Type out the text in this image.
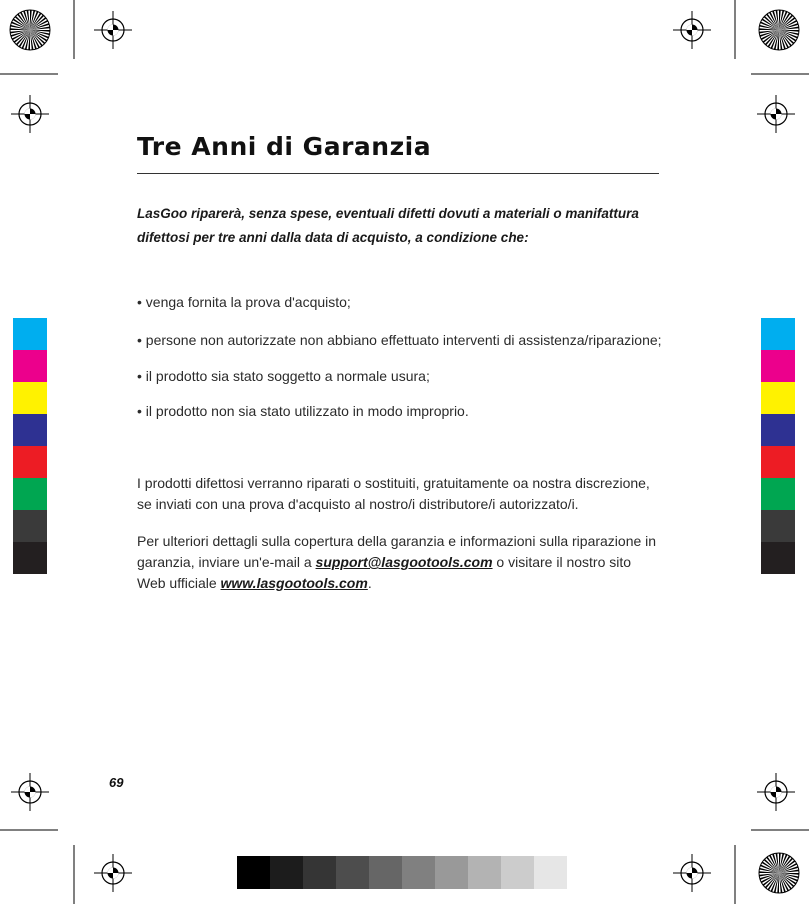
Tre Anni di Garanzia
LasGoo riparerà, senza spese, eventuali difetti dovuti a materiali o manifattura difettosi per tre anni dalla data di acquisto, a condizione che:
• venga fornita la prova d'acquisto;
• persone non autorizzate non abbiano effettuato interventi di assistenza/riparazione;
• il prodotto sia stato soggetto a normale usura;
• il prodotto non sia stato utilizzato in modo improprio.
I prodotti difettosi verranno riparati o sostituiti, gratuitamente oa nostra discrezione, se inviati con una prova d'acquisto al nostro/i distributore/i autorizzato/i.
Per ulteriori dettagli sulla copertura della garanzia e informazioni sulla riparazione in garanzia, inviare un'e-mail a support@lasgootools.com o visitare il nostro sito Web ufficiale www.lasgootools.com.
69
